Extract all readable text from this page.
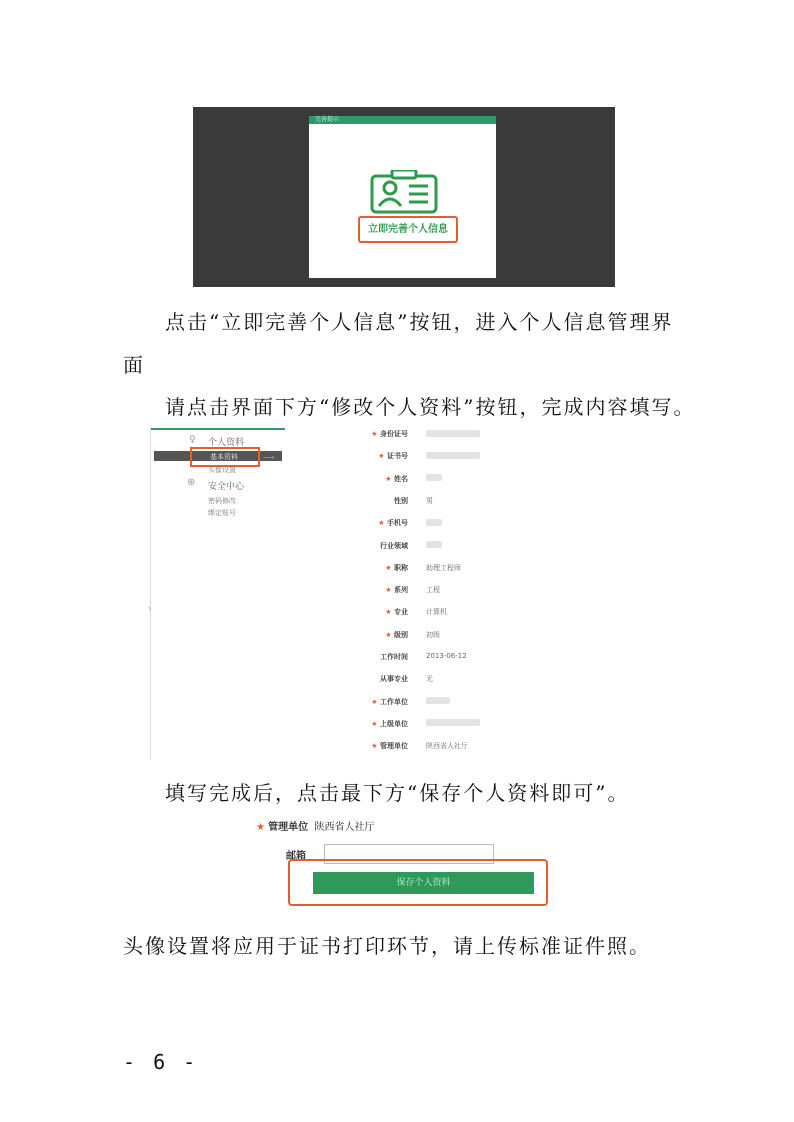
点击“立即完善个人信息”按钮，进入个人信息管理界
面
请点击界面下方“修改个人资料”按钮，完成内容填写。
填写完成后，点击最下方“保存个人资料即可”。
头像设置将应用于证书打印环节，请上传标准证件照。
完善提示
立即完善个人信息
♀ 个人资料
基本资料	⟶
头像设置
⊕ 安全中心
密码修改
绑定账号
›
★ 身份证号
★ 证书号
★ 姓名
性别	男
★ 手机号
行业领域
★ 职称	助理工程师
★ 系列	工程
★ 专业	计算机
★ 级别	初级
工作时间	2013-06-12
从事专业	无
★ 工作单位
★ 上级单位
★ 管理单位	陕西省人社厅
★ 管理单位 陕西省人社厅
邮箱
保存个人资料
- 6 -
